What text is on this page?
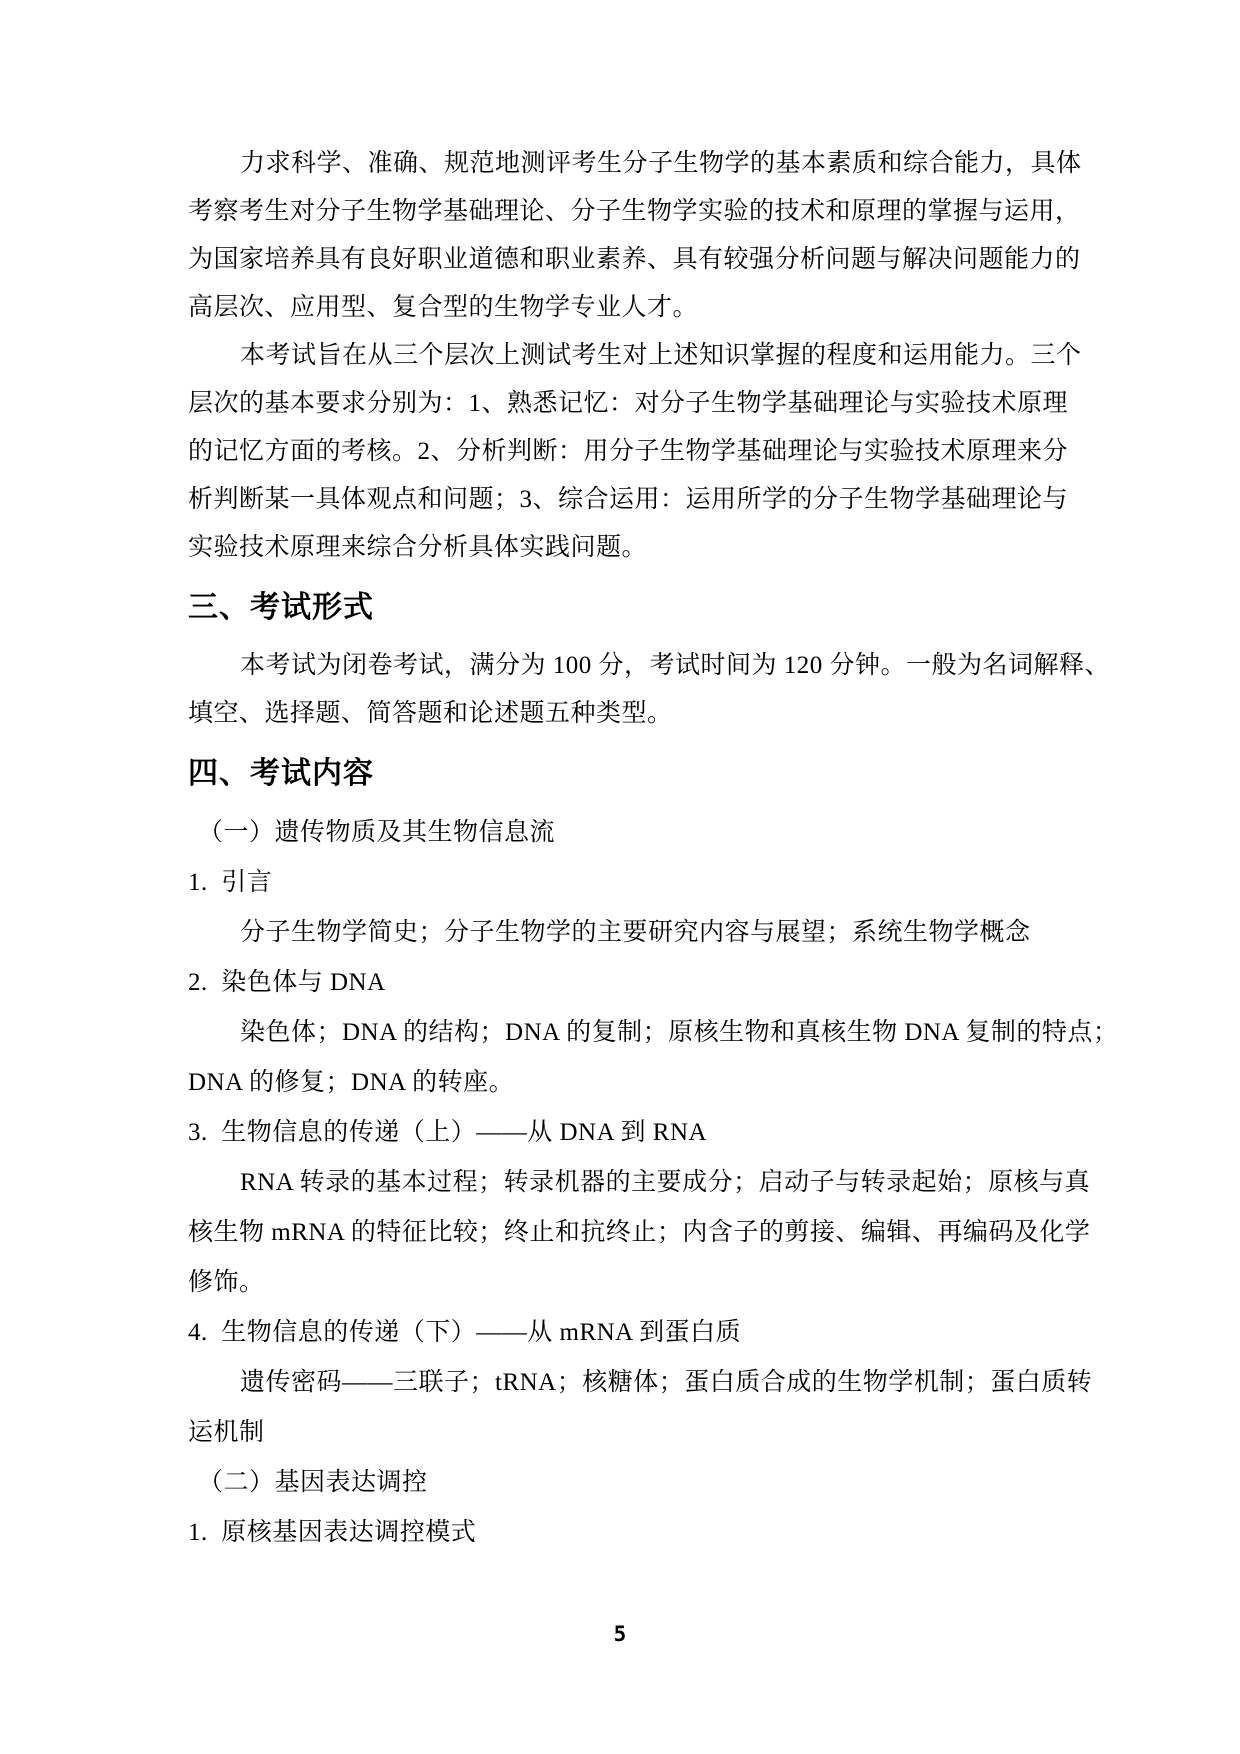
力求科学、准确、规范地测评考生分子生物学的基本素质和综合能力，具体

考察考生对分子生物学基础理论、分子生物学实验的技术和原理的掌握与运用，

为国家培养具有良好职业道德和职业素养、具有较强分析问题与解决问题能力的

高层次、应用型、复合型的生物学专业人才。

本考试旨在从三个层次上测试考生对上述知识掌握的程度和运用能力。三个

层次的基本要求分别为：1、熟悉记忆：对分子生物学基础理论与实验技术原理

的记忆方面的考核。2、分析判断：用分子生物学基础理论与实验技术原理来分

析判断某一具体观点和问题；3、综合运用：运用所学的分子生物学基础理论与

实验技术原理来综合分析具体实践问题。

三、考试形式

本考试为闭卷考试，满分为 100 分，考试时间为 120 分钟。一般为名词解释、

填空、选择题、简答题和论述题五种类型。

四、考试内容

（一）遗传物质及其生物信息流

1.  引言

分子生物学简史；分子生物学的主要研究内容与展望；系统生物学概念

2.  染色体与 DNA

染色体；DNA 的结构；DNA 的复制；原核生物和真核生物 DNA 复制的特点；

DNA 的修复；DNA 的转座。

3.  生物信息的传递（上）——从 DNA 到 RNA

RNA 转录的基本过程；转录机器的主要成分；启动子与转录起始；原核与真

核生物 mRNA 的特征比较；终止和抗终止；内含子的剪接、编辑、再编码及化学

修饰。

4.  生物信息的传递（下）——从 mRNA 到蛋白质

遗传密码——三联子；tRNA；核糖体；蛋白质合成的生物学机制；蛋白质转

运机制

（二）基因表达调控

1.  原核基因表达调控模式

5
